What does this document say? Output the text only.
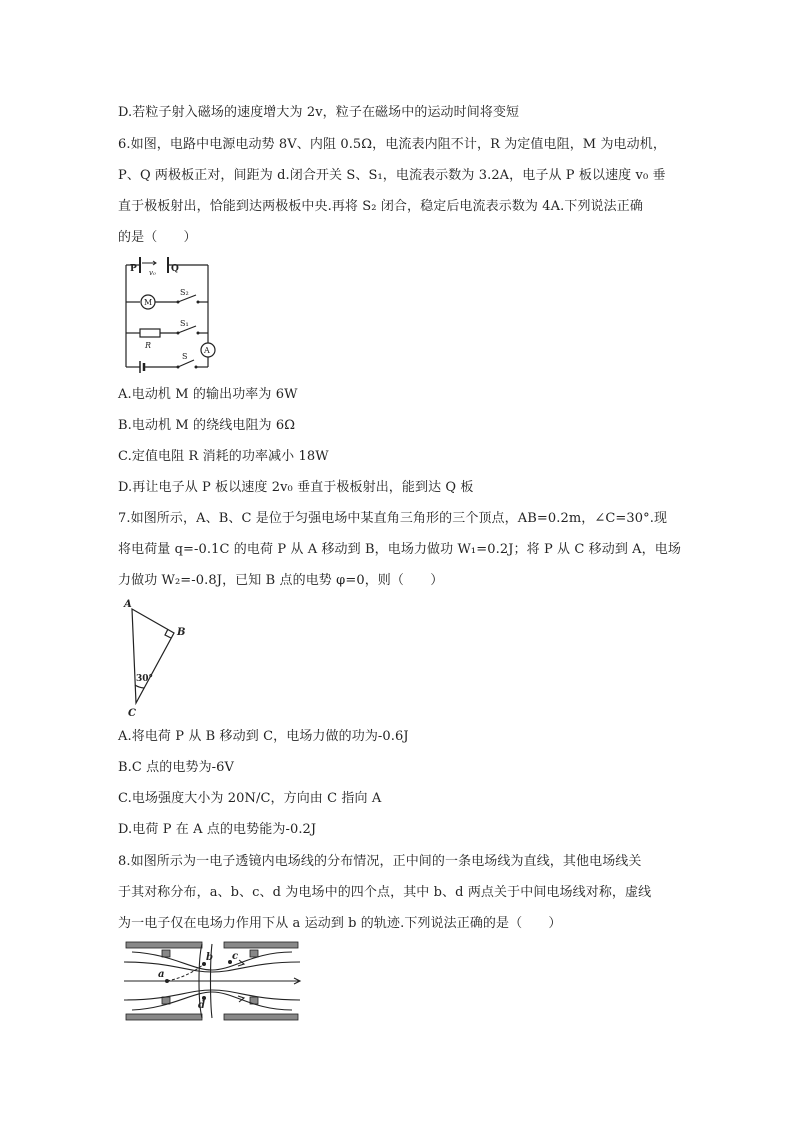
D.若粒子射入磁场的速度增大为 2v，粒子在磁场中的运动时间将变短
6.如图，电路中电源电动势 8V、内阻 0.5Ω，电流表内阻不计，R 为定值电阻，M 为电动机，
P、Q 两极板正对，间距为 d.闭合开关 S、S₁，电流表示数为 3.2A，电子从 P 板以速度 v₀ 垂
直于极板射出，恰能到达两极板中央.再将 S₂ 闭合，稳定后电流表示数为 4A.下列说法正确
的是（　　）
P	Q
v₀
M
S₂
S₁
R
S
A
A.电动机 M 的输出功率为 6W
B.电动机 M 的绕线电阻为 6Ω
C.定值电阻 R 消耗的功率减小 18W
D.再让电子从 P 板以速度 2v₀ 垂直于极板射出，能到达 Q 板
7.如图所示，A、B、C 是位于匀强电场中某直角三角形的三个顶点，AB=0.2m，∠C=30°.现
将电荷量 q=-0.1C 的电荷 P 从 A 移动到 B，电场力做功 W₁=0.2J；将 P 从 C 移动到 A，电场
力做功 W₂=-0.8J，已知 B 点的电势 φ=0，则（　　）
A
B
C
30°
A.将电荷 P 从 B 移动到 C，电场力做的功为-0.6J
B.C 点的电势为-6V
C.电场强度大小为 20N/C，方向由 C 指向 A
D.电荷 P 在 A 点的电势能为-0.2J
8.如图所示为一电子透镜内电场线的分布情况，正中间的一条电场线为直线，其他电场线关
于其对称分布，a、b、c、d 为电场中的四个点，其中 b、d 两点关于中间电场线对称，虚线
为一电子仅在电场力作用下从 a 运动到 b 的轨迹.下列说法正确的是（　　）
a
b c
d
